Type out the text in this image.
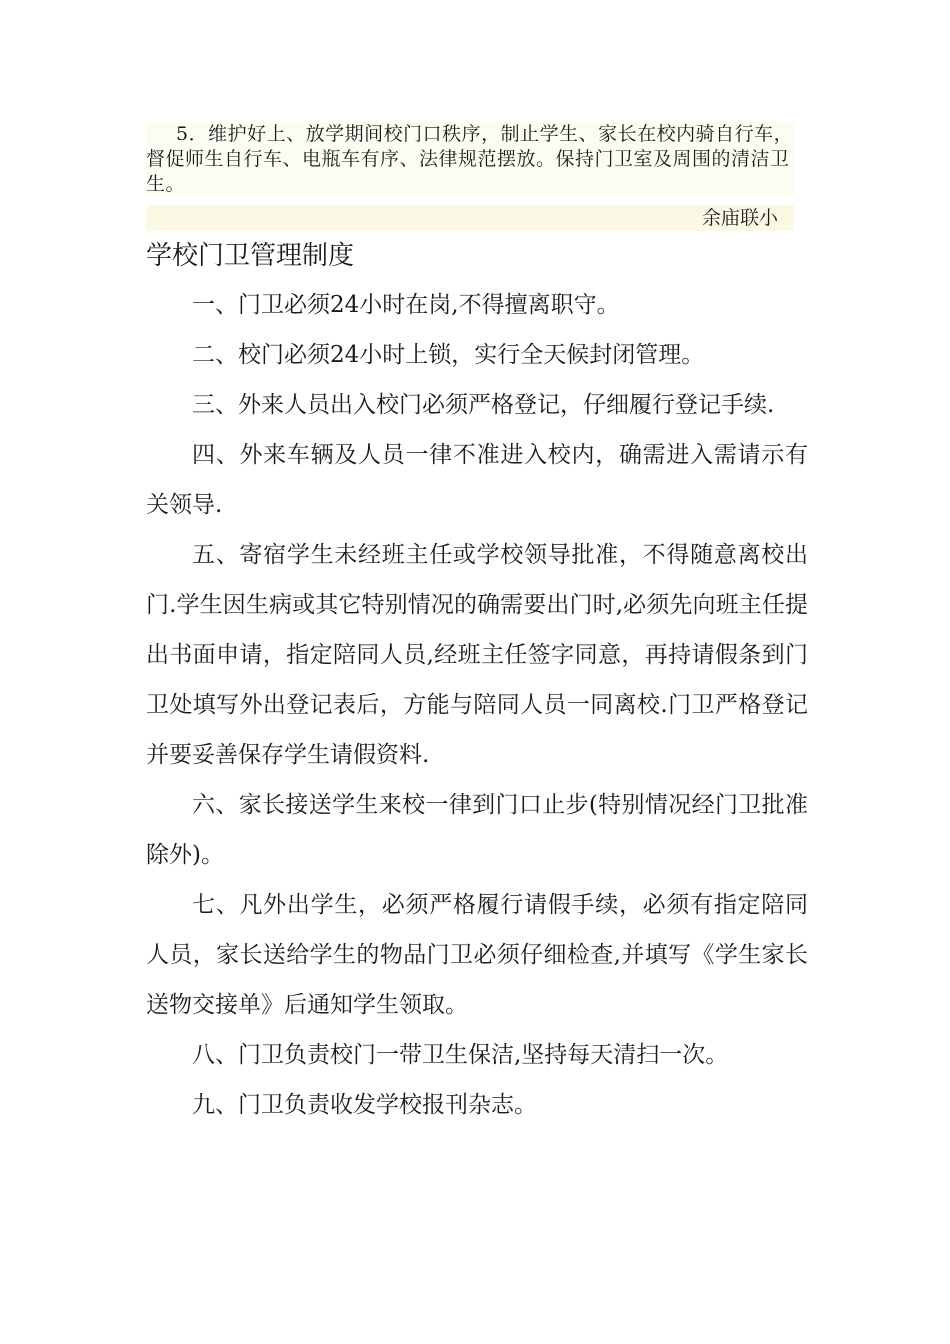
5．维护好上、放学期间校门口秩序，制止学生、家长在校内骑自行车，督促师生自行车、电瓶车有序、法律规范摆放。保持门卫室及周围的清洁卫生。

余庙联小
学校门卫管理制度

一、门卫必须24小时在岗,不得擅离职守。

二、校门必须24小时上锁，实行全天候封闭管理。

三、外来人员出入校门必须严格登记，仔细履行登记手续.

四、外来车辆及人员一律不准进入校内，确需进入需请示有关领导.

五、寄宿学生未经班主任或学校领导批准，不得随意离校出门.学生因生病或其它特别情况的确需要出门时,必须先向班主任提出书面申请，指定陪同人员,经班主任签字同意，再持请假条到门卫处填写外出登记表后，方能与陪同人员一同离校.门卫严格登记并要妥善保存学生请假资料.

六、家长接送学生来校一律到门口止步(特别情况经门卫批准除外)。

七、凡外出学生，必须严格履行请假手续，必须有指定陪同人员，家长送给学生的物品门卫必须仔细检查,并填写《学生家长送物交接单》后通知学生领取。

八、门卫负责校门一带卫生保洁,坚持每天清扫一次。

九、门卫负责收发学校报刊杂志。
